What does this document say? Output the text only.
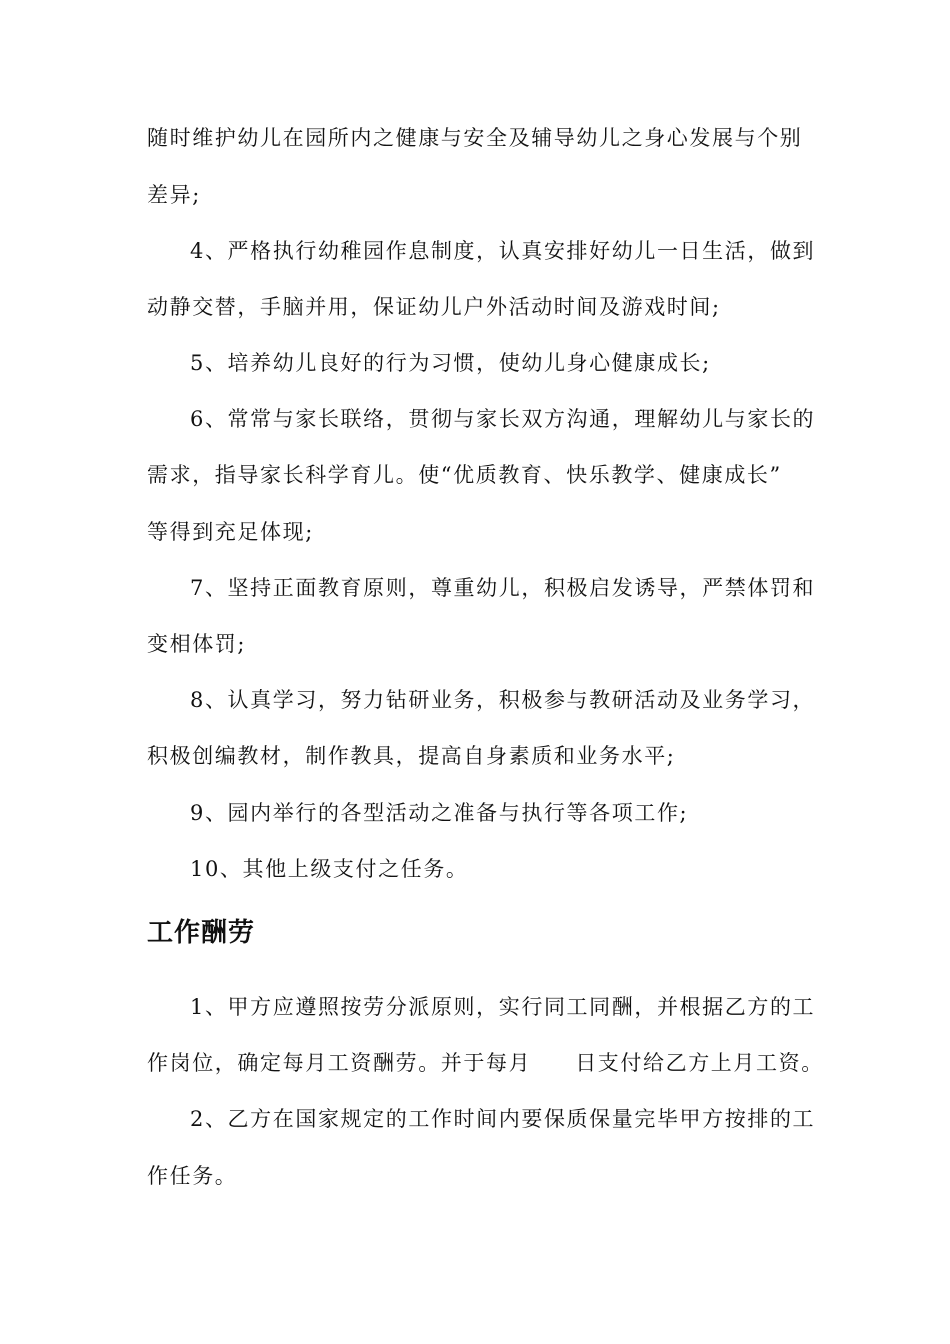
随时维护幼儿在园所内之健康与安全及辅导幼儿之身心发展与个别
差异;
4、严格执行幼稚园作息制度，认真安排好幼儿一日生活，做到
动静交替，手脑并用，保证幼儿户外活动时间及游戏时间;
5、培养幼儿良好的行为习惯，使幼儿身心健康成长;
6、常常与家长联络，贯彻与家长双方沟通，理解幼儿与家长的
需求，指导家长科学育儿。使“优质教育、快乐教学、健康成长”
等得到充足体现;
7、坚持正面教育原则，尊重幼儿，积极启发诱导，严禁体罚和
变相体罚;
8、认真学习，努力钻研业务，积极参与教研活动及业务学习，
积极创编教材，制作教具，提高自身素质和业务水平;
9、园内举行的各型活动之准备与执行等各项工作;
10、其他上级支付之任务。
工作酬劳
1、甲方应遵照按劳分派原则，实行同工同酬，并根据乙方的工
作岗位，确定每月工资酬劳。并于每月 日支付给乙方上月工资。
2、乙方在国家规定的工作时间内要保质保量完毕甲方按排的工
作任务。
